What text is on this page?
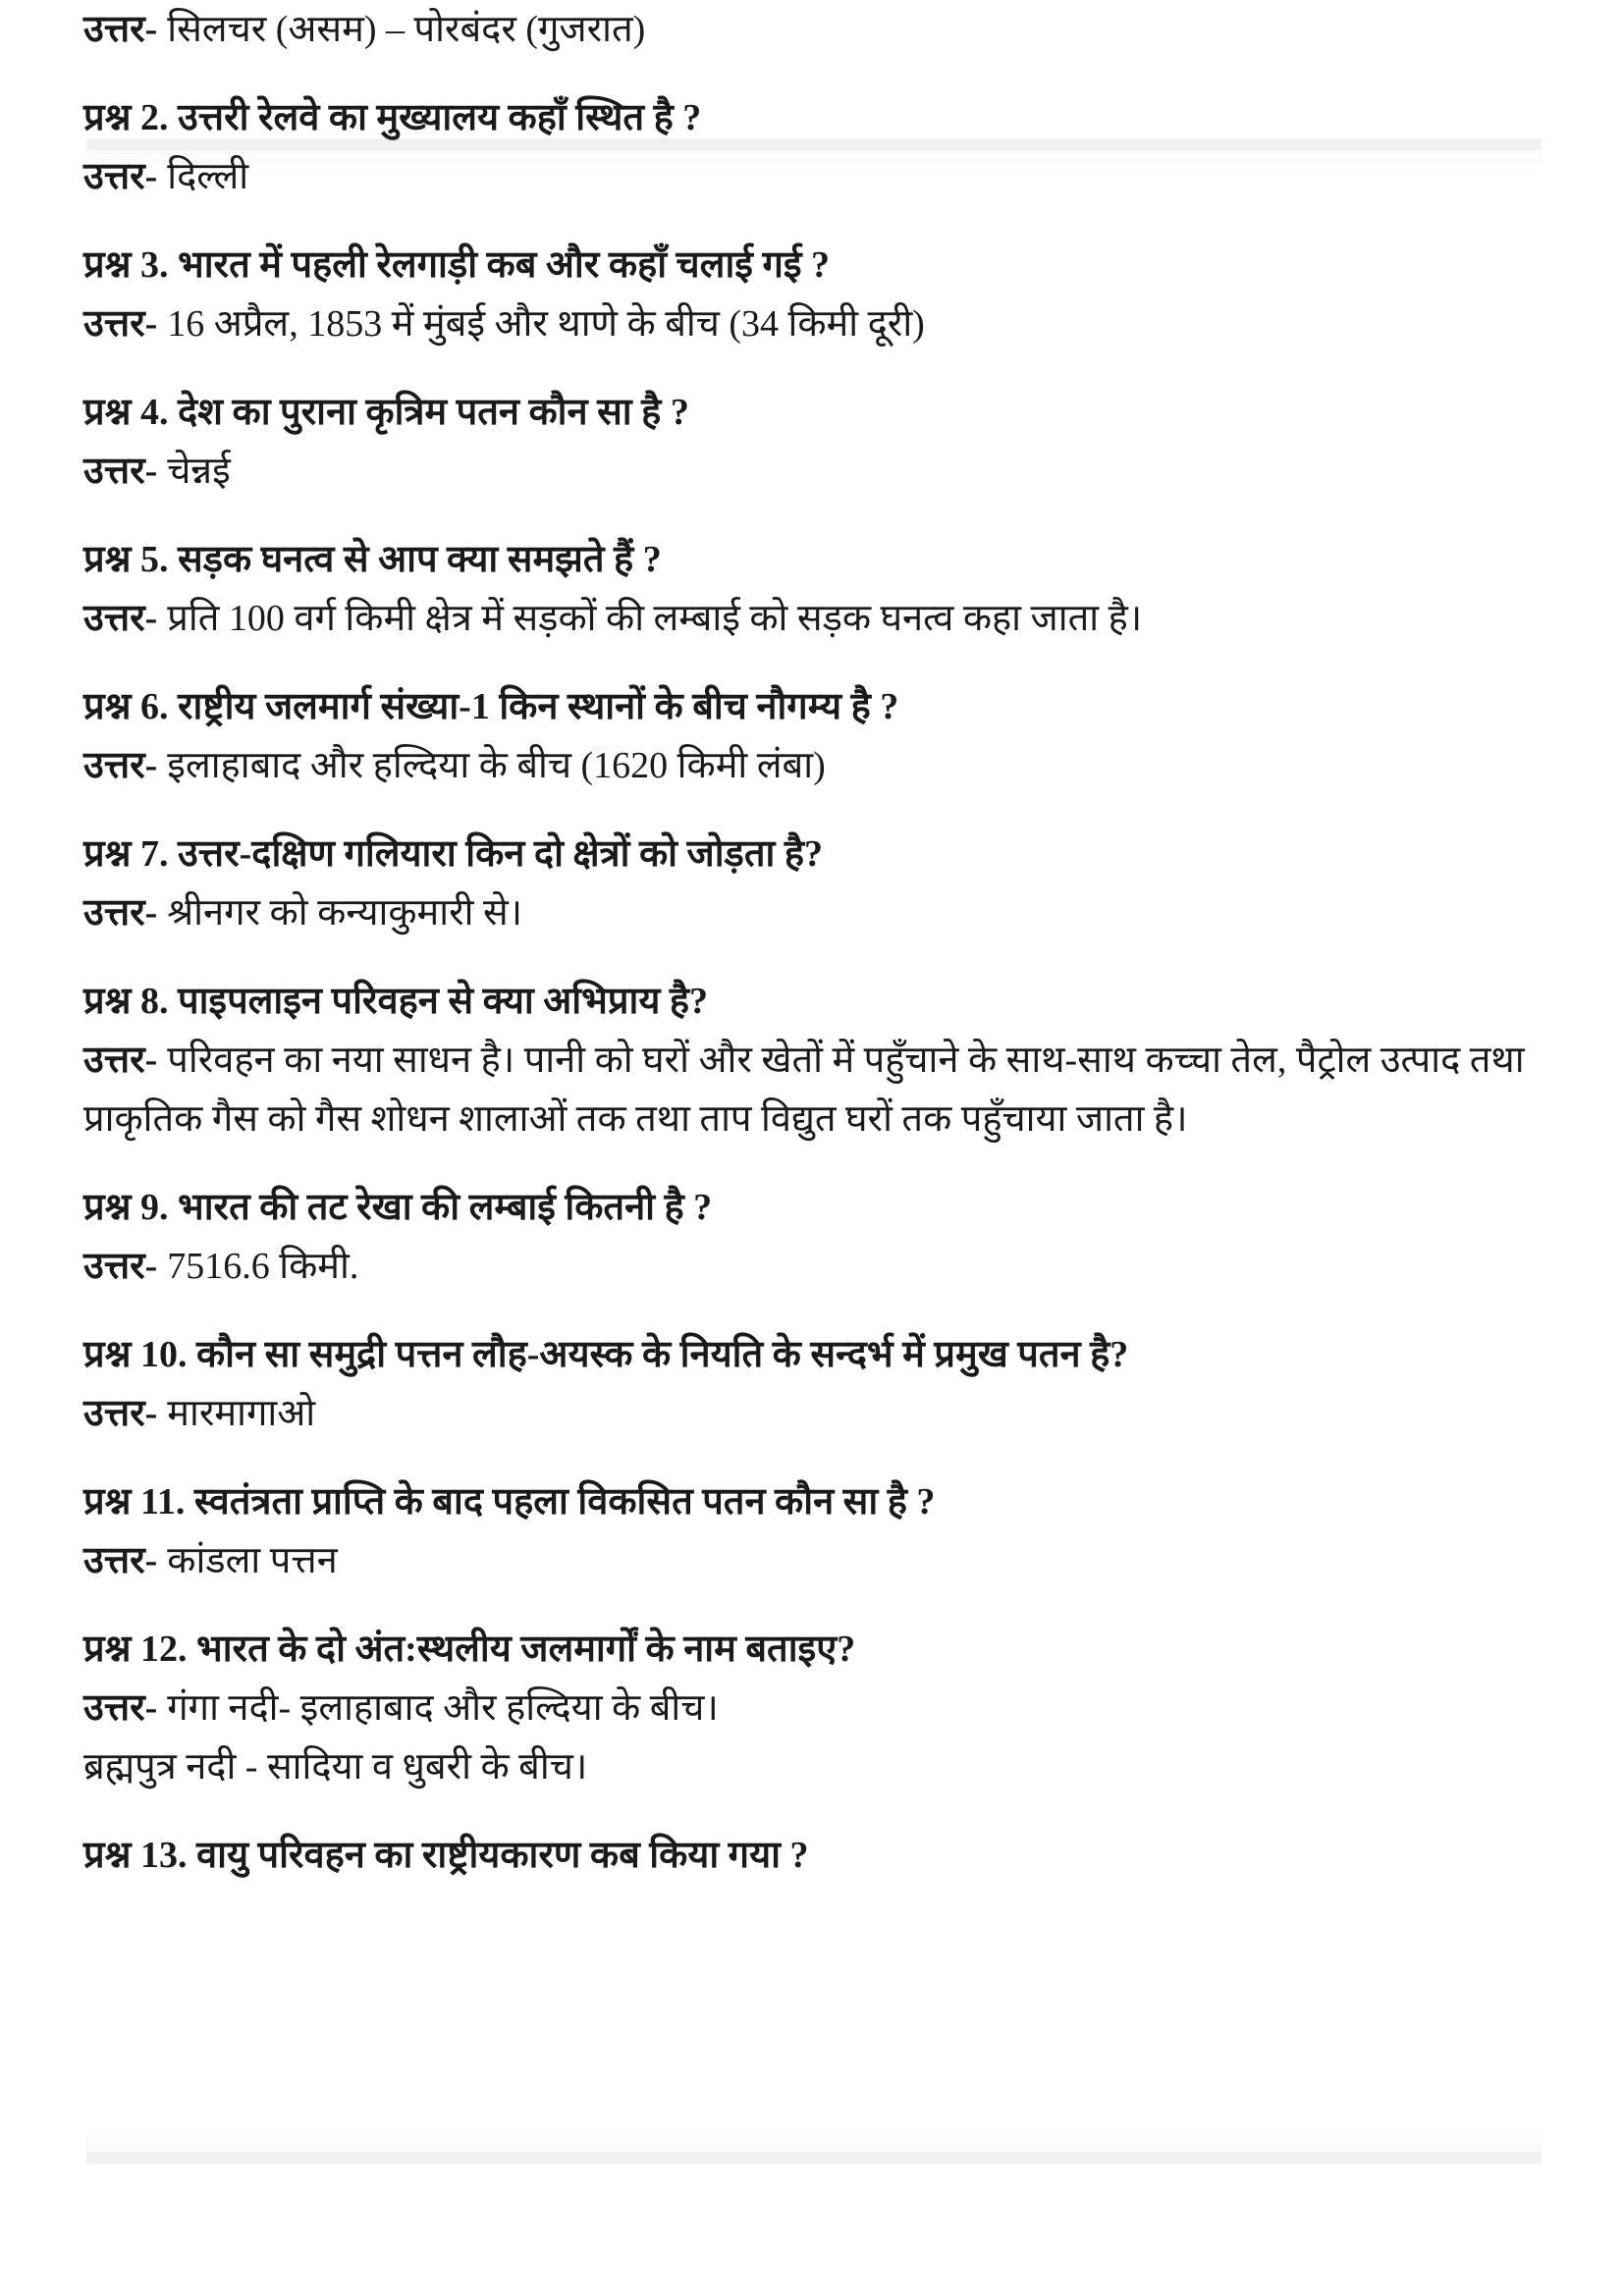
उत्तर- सिलचर (असम) – पोरबंदर (गुजरात)

प्रश्न 2. उत्तरी रेलवे का मुख्यालय कहाँ स्थित है ?

उत्तर- दिल्ली

प्रश्न 3. भारत में पहली रेलगाड़ी कब और कहाँ चलाई गई ?

उत्तर- 16 अप्रैल, 1853 में मुंबई और थाणे के बीच (34 किमी दूरी)

प्रश्न 4. देश का पुराना कृत्रिम पतन कौन सा है ?

उत्तर- चेन्नई

प्रश्न 5. सड़क घनत्व से आप क्या समझते हैं ?

उत्तर- प्रति 100 वर्ग किमी क्षेत्र में सड़कों की लम्बाई को सड़क घनत्व कहा जाता है।

प्रश्न 6. राष्ट्रीय जलमार्ग संख्या-1 किन स्थानों के बीच नौगम्य है ?

उत्तर- इलाहाबाद और हल्दिया के बीच (1620 किमी लंबा)

प्रश्न 7. उत्तर-दक्षिण गलियारा किन दो क्षेत्रों को जोड़ता है?

उत्तर- श्रीनगर को कन्याकुमारी से।

प्रश्न 8. पाइपलाइन परिवहन से क्या अभिप्राय है?

उत्तर- परिवहन का नया साधन है। पानी को घरों और खेतों में पहुँचाने के साथ-साथ कच्चा तेल, पैट्रोल उत्पाद तथा प्राकृतिक गैस को गैस शोधन शालाओं तक तथा ताप विद्युत घरों तक पहुँचाया जाता है।

प्रश्न 9. भारत की तट रेखा की लम्बाई कितनी है ?

उत्तर- 7516.6 किमी.

प्रश्न 10. कौन सा समुद्री पत्तन लौह-अयस्क के नियति के सन्दर्भ में प्रमुख पतन है?

उत्तर- मारमागाओ

प्रश्न 11. स्वतंत्रता प्राप्ति के बाद पहला विकसित पतन कौन सा है ?

उत्तर- कांडला पत्तन

प्रश्न 12. भारत के दो अंत:स्थलीय जलमार्गों के नाम बताइए?

उत्तर- गंगा नदी- इलाहाबाद और हल्दिया के बीच।

ब्रह्मपुत्र नदी - सादिया व धुबरी के बीच।

प्रश्न 13. वायु परिवहन का राष्ट्रीयकारण कब किया गया ?
